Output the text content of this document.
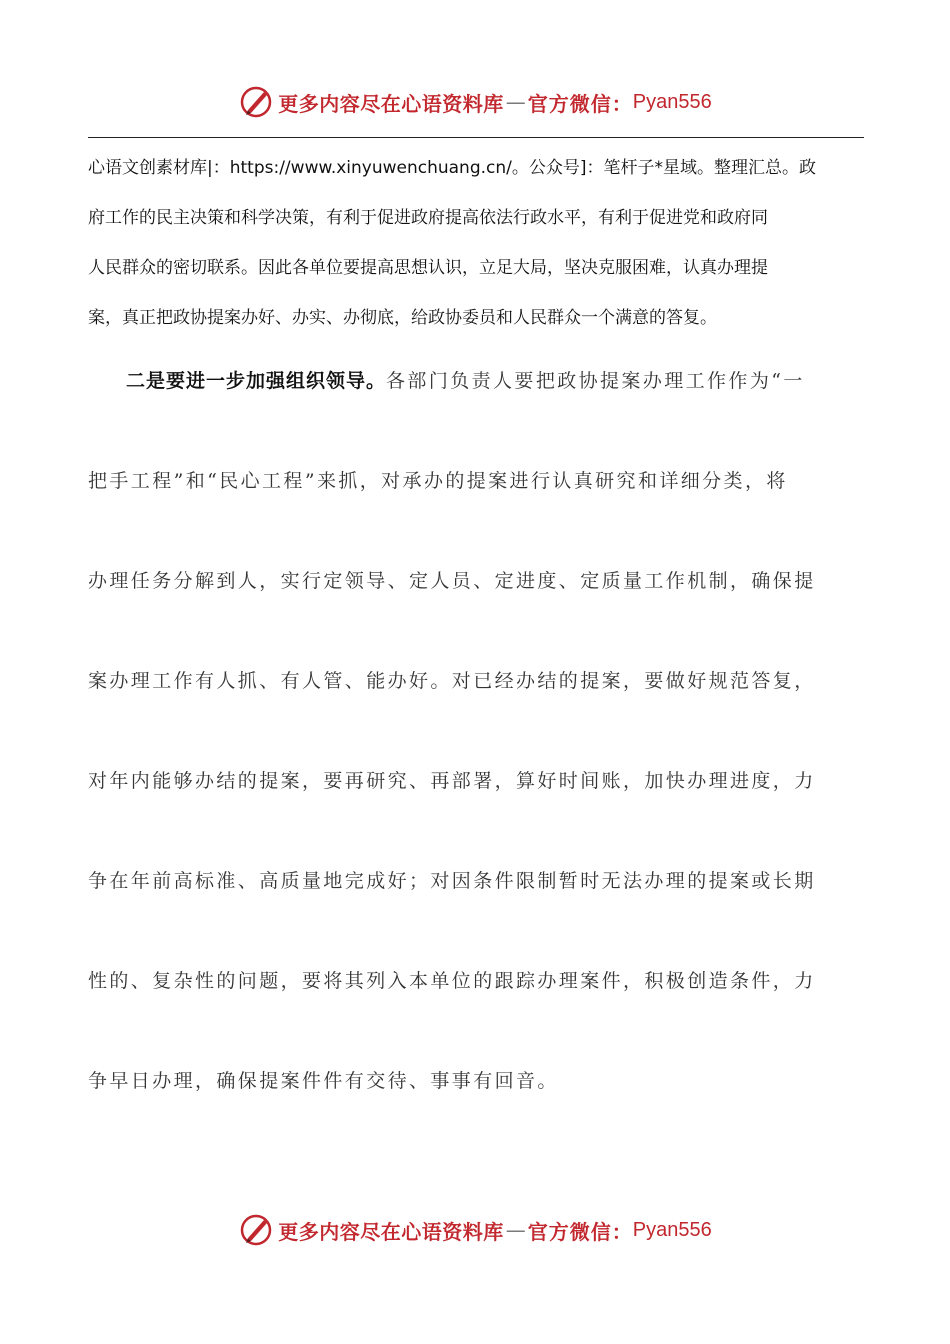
更多内容尽在心语资料库 — 官方微信： Pyan556
心语文创素材库|：https://www.xinyuwenchuang.cn/。公众号]：笔杆子*星域。整理汇总。政
府工作的民主决策和科学决策，有利于促进政府提高依法行政水平，有利于促进党和政府同
人民群众的密切联系。因此各单位要提高思想认识，立足大局，坚决克服困难，认真办理提
案，真正把政协提案办好、办实、办彻底，给政协委员和人民群众一个满意的答复。
二是要进一步加强组织领导。各部门负责人要把政协提案办理工作作为“一
把手工程”和“民心工程”来抓，对承办的提案进行认真研究和详细分类，将
办理任务分解到人，实行定领导、定人员、定进度、定质量工作机制，确保提
案办理工作有人抓、有人管、能办好。对已经办结的提案，要做好规范答复，
对年内能够办结的提案，要再研究、再部署，算好时间账，加快办理进度，力
争在年前高标准、高质量地完成好；对因条件限制暂时无法办理的提案或长期
性的、复杂性的问题，要将其列入本单位的跟踪办理案件，积极创造条件，力
争早日办理，确保提案件件有交待、事事有回音。
更多内容尽在心语资料库 — 官方微信： Pyan556
